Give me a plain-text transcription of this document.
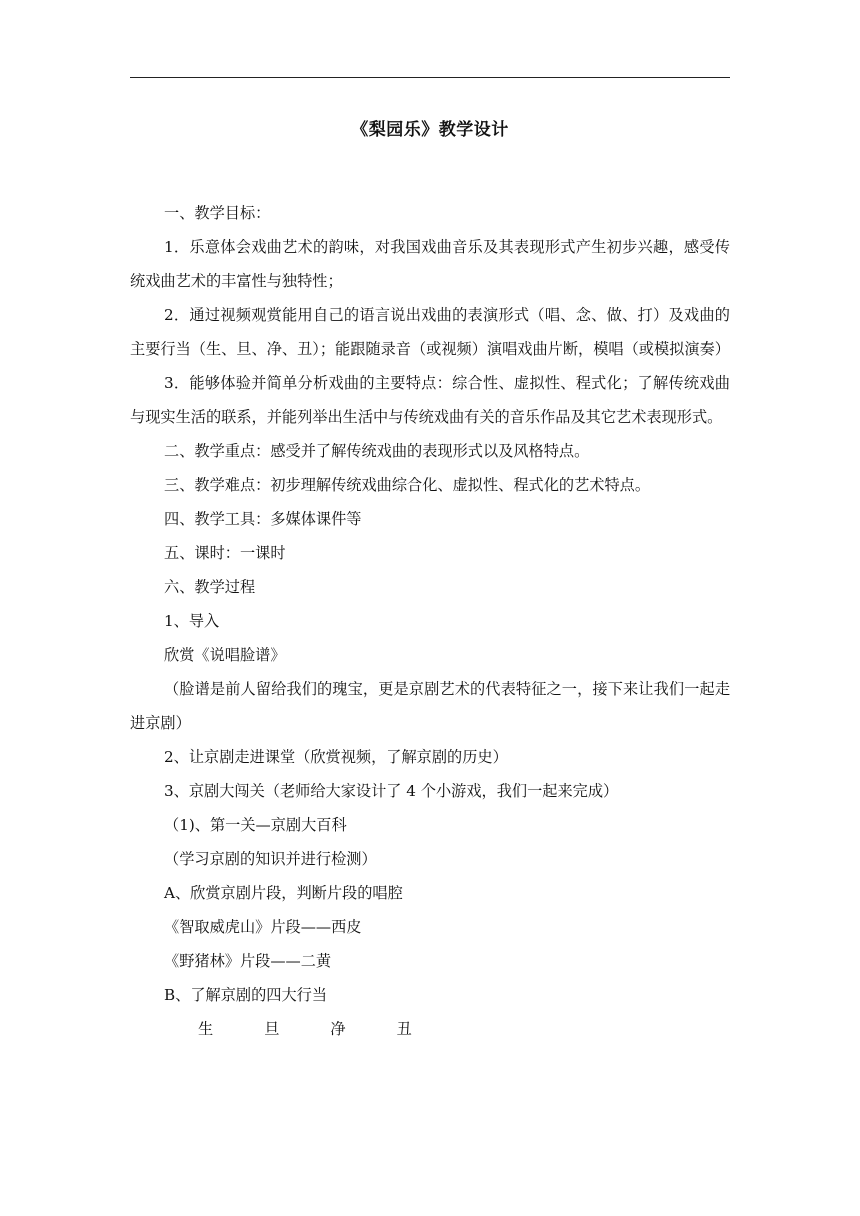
《梨园乐》教学设计

一、教学目标：

1．乐意体会戏曲艺术的韵味，对我国戏曲音乐及其表现形式产生初步兴趣，感受传统戏曲艺术的丰富性与独特性；

2．通过视频观赏能用自己的语言说出戏曲的表演形式（唱、念、做、打）及戏曲的主要行当（生、旦、净、丑）；能跟随录音（或视频）演唱戏曲片断，模唱（或模拟演奏）

3．能够体验并简单分析戏曲的主要特点：综合性、虚拟性、程式化；了解传统戏曲与现实生活的联系，并能列举出生活中与传统戏曲有关的音乐作品及其它艺术表现形式。

二、教学重点：感受并了解传统戏曲的表现形式以及风格特点。

三、教学难点：初步理解传统戏曲综合化、虚拟性、程式化的艺术特点。

四、教学工具：多媒体课件等

五、课时：一课时

六、教学过程

1、导入

欣赏《说唱脸谱》

（脸谱是前人留给我们的瑰宝，更是京剧艺术的代表特征之一，接下来让我们一起走进京剧）

2、让京剧走进课堂（欣赏视频，了解京剧的历史）

3、京剧大闯关（老师给大家设计了 4 个小游戏，我们一起来完成）

（1)、第一关—京剧大百科

（学习京剧的知识并进行检测）

A、欣赏京剧片段，判断片段的唱腔

《智取威虎山》片段——西皮

《野猪林》片段——二黄

B、了解京剧的四大行当

生	旦	净	丑
